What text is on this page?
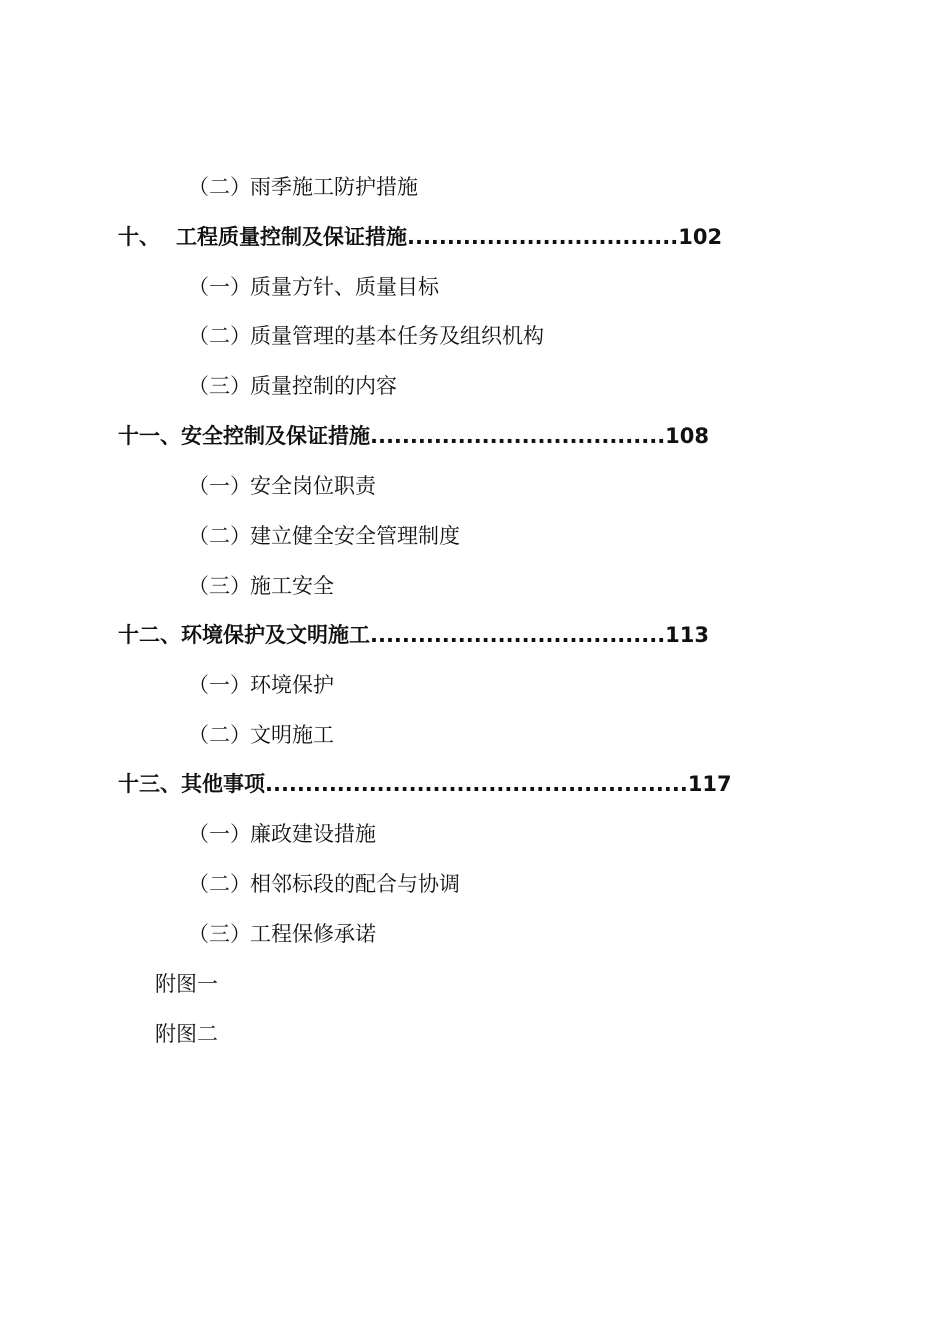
（二）雨季施工防护措施
十、 工程质量控制及保证措施..................................102
（一）质量方针、质量目标
（二）质量管理的基本任务及组织机构
（三）质量控制的内容
十一、安全控制及保证措施.....................................108
（一）安全岗位职责
（二）建立健全安全管理制度
（三）施工安全
十二、环境保护及文明施工.....................................113
（一）环境保护
（二）文明施工
十三、其他事项.....................................................117
（一）廉政建设措施
（二）相邻标段的配合与协调
（三）工程保修承诺
附图一
附图二
